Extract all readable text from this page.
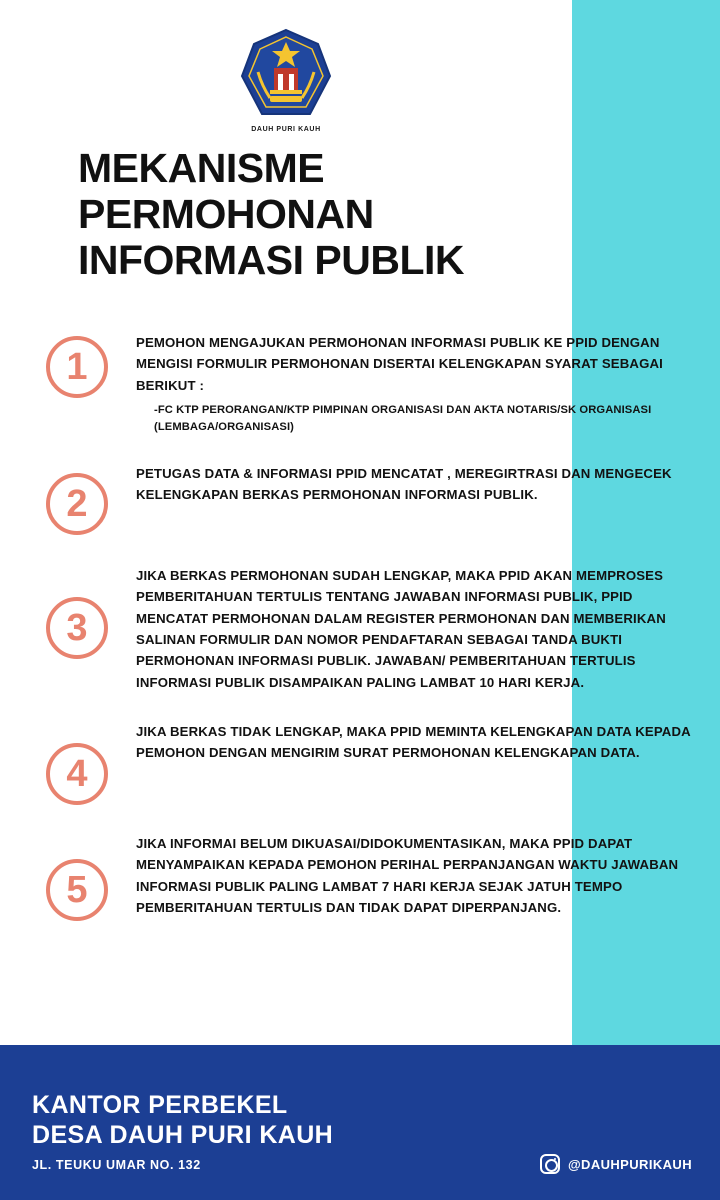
DAUH PURI KAUH
MEKANISME
PERMOHONAN
INFORMASI PUBLIK
1
PEMOHON MENGAJUKAN PERMOHONAN INFORMASI PUBLIK KE PPID DENGAN MENGISI FORMULIR PERMOHONAN DISERTAI KELENGKAPAN SYARAT SEBAGAI BERIKUT :
-FC KTP PERORANGAN/KTP PIMPINAN ORGANISASI DAN AKTA NOTARIS/SK ORGANISASI (LEMBAGA/ORGANISASI)
2
PETUGAS DATA & INFORMASI PPID MENCATAT , MEREGIRTRASI DAN MENGECEK KELENGKAPAN BERKAS PERMOHONAN INFORMASI PUBLIK.
3
JIKA BERKAS PERMOHONAN SUDAH LENGKAP, MAKA PPID AKAN MEMPROSES PEMBERITAHUAN TERTULIS TENTANG JAWABAN INFORMASI PUBLIK, PPID MENCATAT PERMOHONAN DALAM REGISTER PERMOHONAN DAN MEMBERIKAN SALINAN FORMULIR DAN NOMOR PENDAFTARAN SEBAGAI TANDA BUKTI PERMOHONAN INFORMASI PUBLIK. JAWABAN/ PEMBERITAHUAN TERTULIS INFORMASI PUBLIK DISAMPAIKAN PALING LAMBAT 10 HARI KERJA.
4
JIKA BERKAS TIDAK LENGKAP, MAKA PPID MEMINTA KELENGKAPAN DATA KEPADA PEMOHON DENGAN MENGIRIM SURAT PERMOHONAN KELENGKAPAN DATA.
5
JIKA INFORMAI BELUM DIKUASAI/DIDOKUMENTASIKAN, MAKA PPID DAPAT MENYAMPAIKAN KEPADA PEMOHON PERIHAL PERPANJANGAN WAKTU JAWABAN INFORMASI PUBLIK PALING LAMBAT 7 HARI KERJA SEJAK JATUH TEMPO PEMBERITAHUAN TERTULIS DAN TIDAK DAPAT DIPERPANJANG.
KANTOR PERBEKEL
DESA DAUH PURI KAUH
JL. TEUKU UMAR NO. 132	@DAUHPURIKAUH
